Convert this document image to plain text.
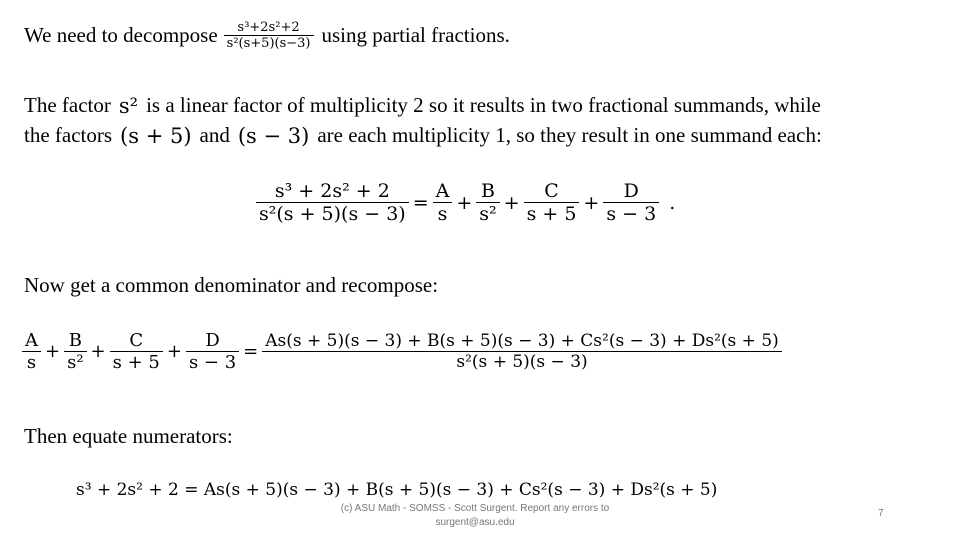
We need to decompose $\frac{\text{s³+2s²+2}}{\text{s²(s+5)(s−3)}}$ using partial fractions.
The factor s² is a linear factor of multiplicity 2 so it results in two fractional summands, while
the factors (s + 5) and (s − 3) are each multiplicity 1, so they result in one summand each:
$\frac{\text{s³ + 2s² + 2}}{\text{s²(s + 5)(s − 3)}} = \frac{A}{s} + \frac{B}{\text{s²}} + \frac{C}{s + 5} + \frac{D}{s - 3}$ .
Now get a common denominator and recompose:
$\frac{A}{s} + \frac{B}{\text{s²}} + \frac{C}{s + 5} + \frac{D}{s - 3} = \frac{\text{As(s + 5)(s − 3) + B(s + 5)(s − 3) + Cs²(s − 3) + Ds²(s + 5)}}{\text{s²(s + 5)(s − 3)}}$
Then equate numerators:
s³ + 2s² + 2 = As(s + 5)(s − 3) + B(s + 5)(s − 3) + Cs²(s − 3) + Ds²(s + 5)
(c) ASU Math - SOMSS - Scott Surgent. Report any errors to
surgent@asu.edu
7
